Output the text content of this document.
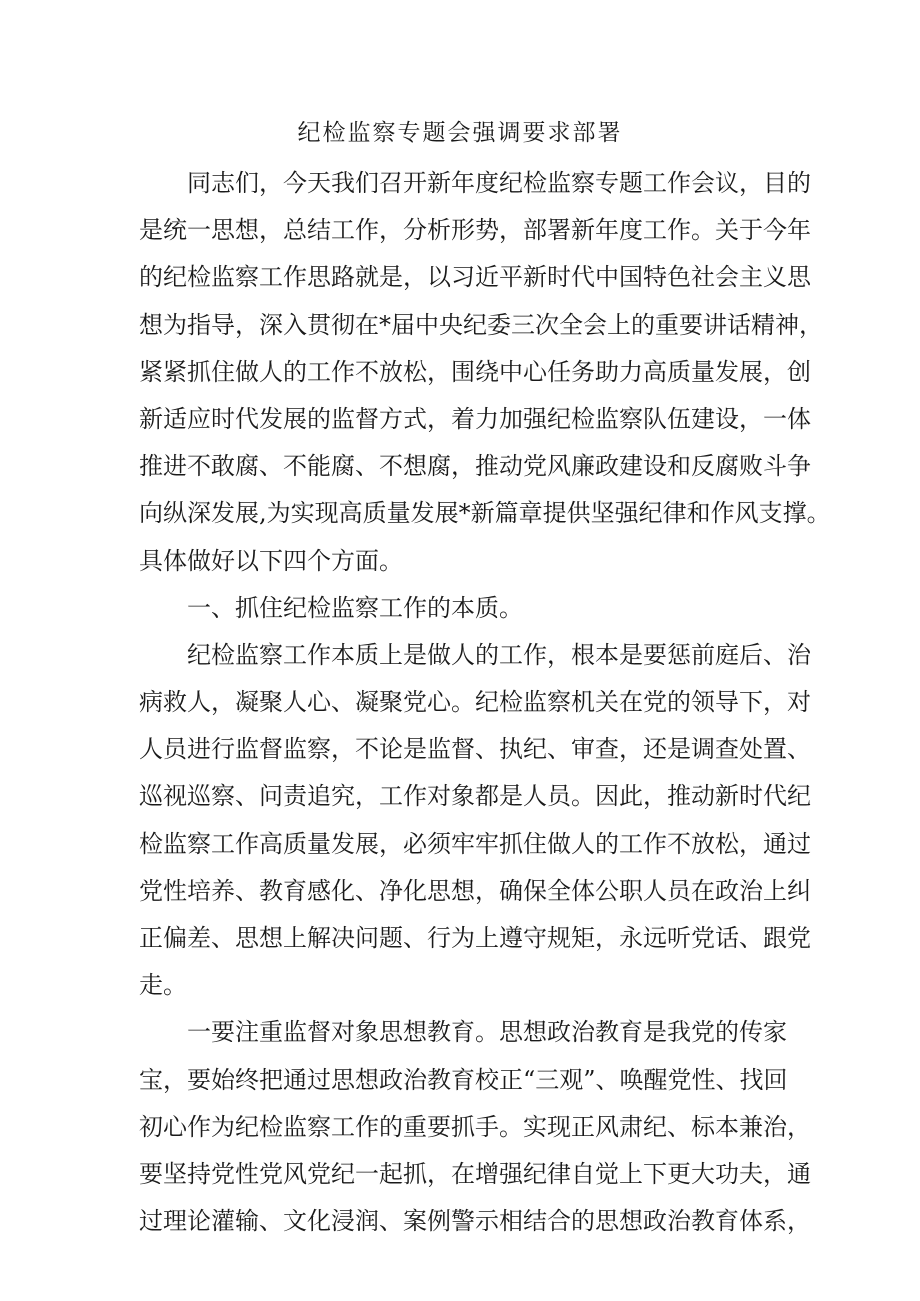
纪检监察专题会强调要求部署
同志们，今天我们召开新年度纪检监察专题工作会议，目的
是统一思想，总结工作，分析形势，部署新年度工作。关于今年
的纪检监察工作思路就是，以习近平新时代中国特色社会主义思
想为指导，深入贯彻在*届中央纪委三次全会上的重要讲话精神，
紧紧抓住做人的工作不放松，围绕中心任务助力高质量发展，创
新适应时代发展的监督方式，着力加强纪检监察队伍建设，一体
推进不敢腐、不能腐、不想腐，推动党风廉政建设和反腐败斗争
向纵深发展,为实现高质量发展*新篇章提供坚强纪律和作风支撑。
具体做好以下四个方面。
一、抓住纪检监察工作的本质。
纪检监察工作本质上是做人的工作，根本是要惩前庭后、治
病救人，凝聚人心、凝聚党心。纪检监察机关在党的领导下，对
人员进行监督监察，不论是监督、执纪、审查，还是调查处置、
巡视巡察、问责追究，工作对象都是人员。因此，推动新时代纪
检监察工作高质量发展，必须牢牢抓住做人的工作不放松，通过
党性培养、教育感化、净化思想，确保全体公职人员在政治上纠
正偏差、思想上解决问题、行为上遵守规矩，永远听党话、跟党
走。
一要注重监督对象思想教育。思想政治教育是我党的传家
宝，要始终把通过思想政治教育校正“三观”、唤醒党性、找回
初心作为纪检监察工作的重要抓手。实现正风肃纪、标本兼治，
要坚持党性党风党纪一起抓，在增强纪律自觉上下更大功夫，通
过理论灌输、文化浸润、案例警示相结合的思想政治教育体系，
